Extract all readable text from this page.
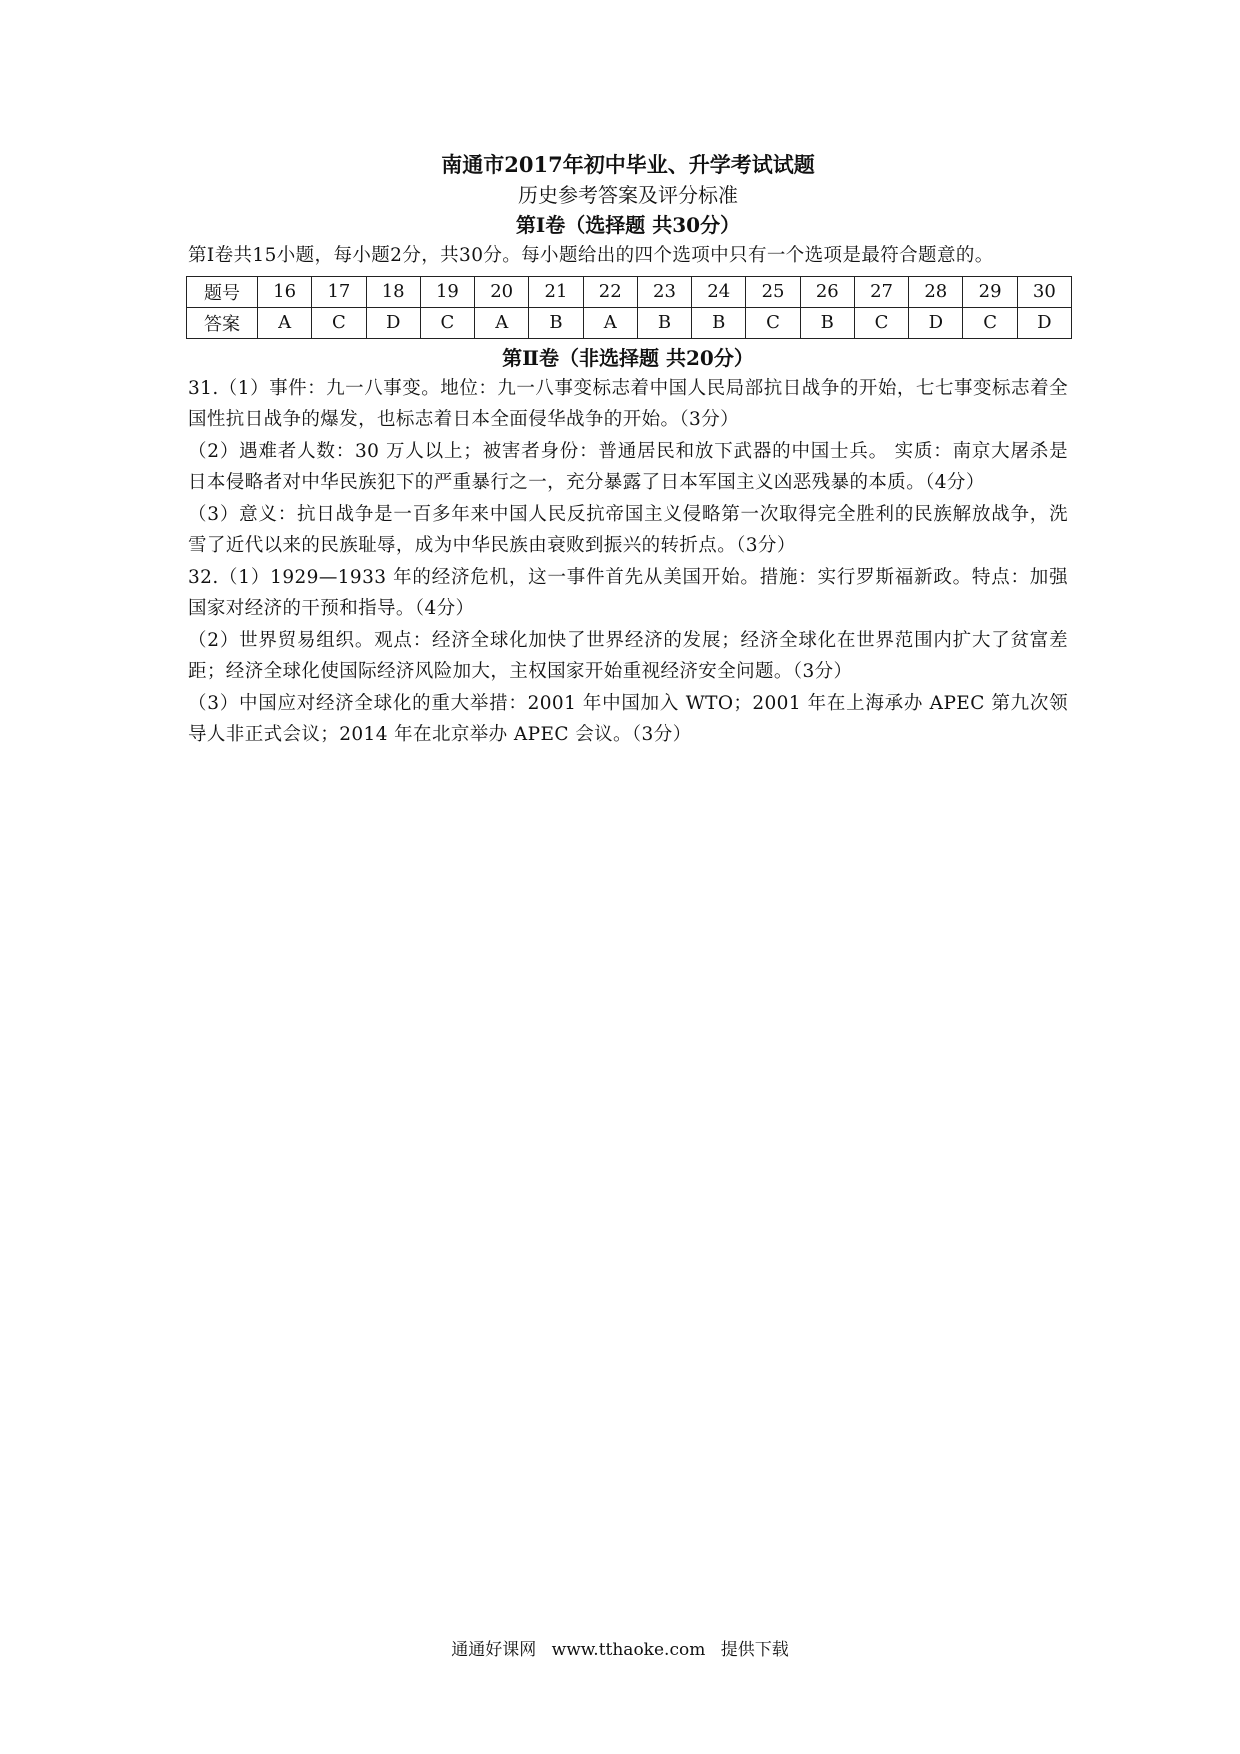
南通市2017年初中毕业、升学考试试题

历史参考答案及评分标准

第Ⅰ卷（选择题 共30分）

第Ⅰ卷共15小题，每小题2分，共30分。每小题给出的四个选项中只有一个选项是最符合题意的。

题号	16	17	18	19	20	21	22	23	24	25	26	27	28	29	30
答案	A	C	D	C	A	B	A	B	B	C	B	C	D	C	D

第Ⅱ卷（非选择题 共20分）

31.（1）事件：九一八事变。地位：九一八事变标志着中国人民局部抗日战争的开始，七七事变标志着全国性抗日战争的爆发，也标志着日本全面侵华战争的开始。（3分）

（2）遇难者人数：30 万人以上；被害者身份：普通居民和放下武器的中国士兵。 实质：南京大屠杀是日本侵略者对中华民族犯下的严重暴行之一，充分暴露了日本军国主义凶恶残暴的本质。（4分）

（3）意义：抗日战争是一百多年来中国人民反抗帝国主义侵略第一次取得完全胜利的民族解放战争，洗雪了近代以来的民族耻辱，成为中华民族由衰败到振兴的转折点。（3分）

32.（1）1929—1933 年的经济危机，这一事件首先从美国开始。措施：实行罗斯福新政。特点：加强国家对经济的干预和指导。（4分）

（2）世界贸易组织。观点：经济全球化加快了世界经济的发展；经济全球化在世界范围内扩大了贫富差距；经济全球化使国际经济风险加大，主权国家开始重视经济安全问题。（3分）

（3）中国应对经济全球化的重大举措：2001 年中国加入 WTO；2001 年在上海承办 APEC 第九次领导人非正式会议；2014 年在北京举办 APEC 会议。（3分）

通通好课网 www.tthaoke.com 提供下载
